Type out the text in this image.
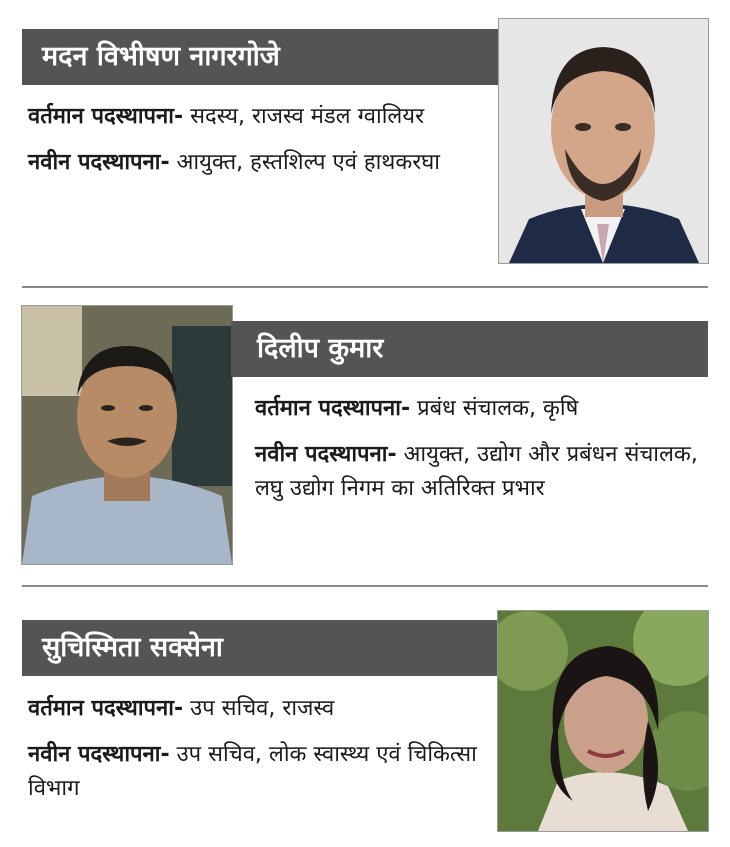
मदन विभीषण नागरगोजे

वर्तमान पदस्थापना- सदस्य, राजस्व मंडल ग्वालियर

नवीन पदस्थापना- आयुक्त, हस्तशिल्प एवं हाथकरघा

दिलीप कुमार

वर्तमान पदस्थापना- प्रबंध संचालक, कृषि

नवीन पदस्थापना- आयुक्त, उद्योग और प्रबंधन संचालक, लघु उद्योग निगम का अतिरिक्त प्रभार

सुचिस्मिता सक्सेना

वर्तमान पदस्थापना- उप सचिव, राजस्व

नवीन पदस्थापना- उप सचिव, लोक स्वास्थ्य एवं चिकित्सा विभाग
